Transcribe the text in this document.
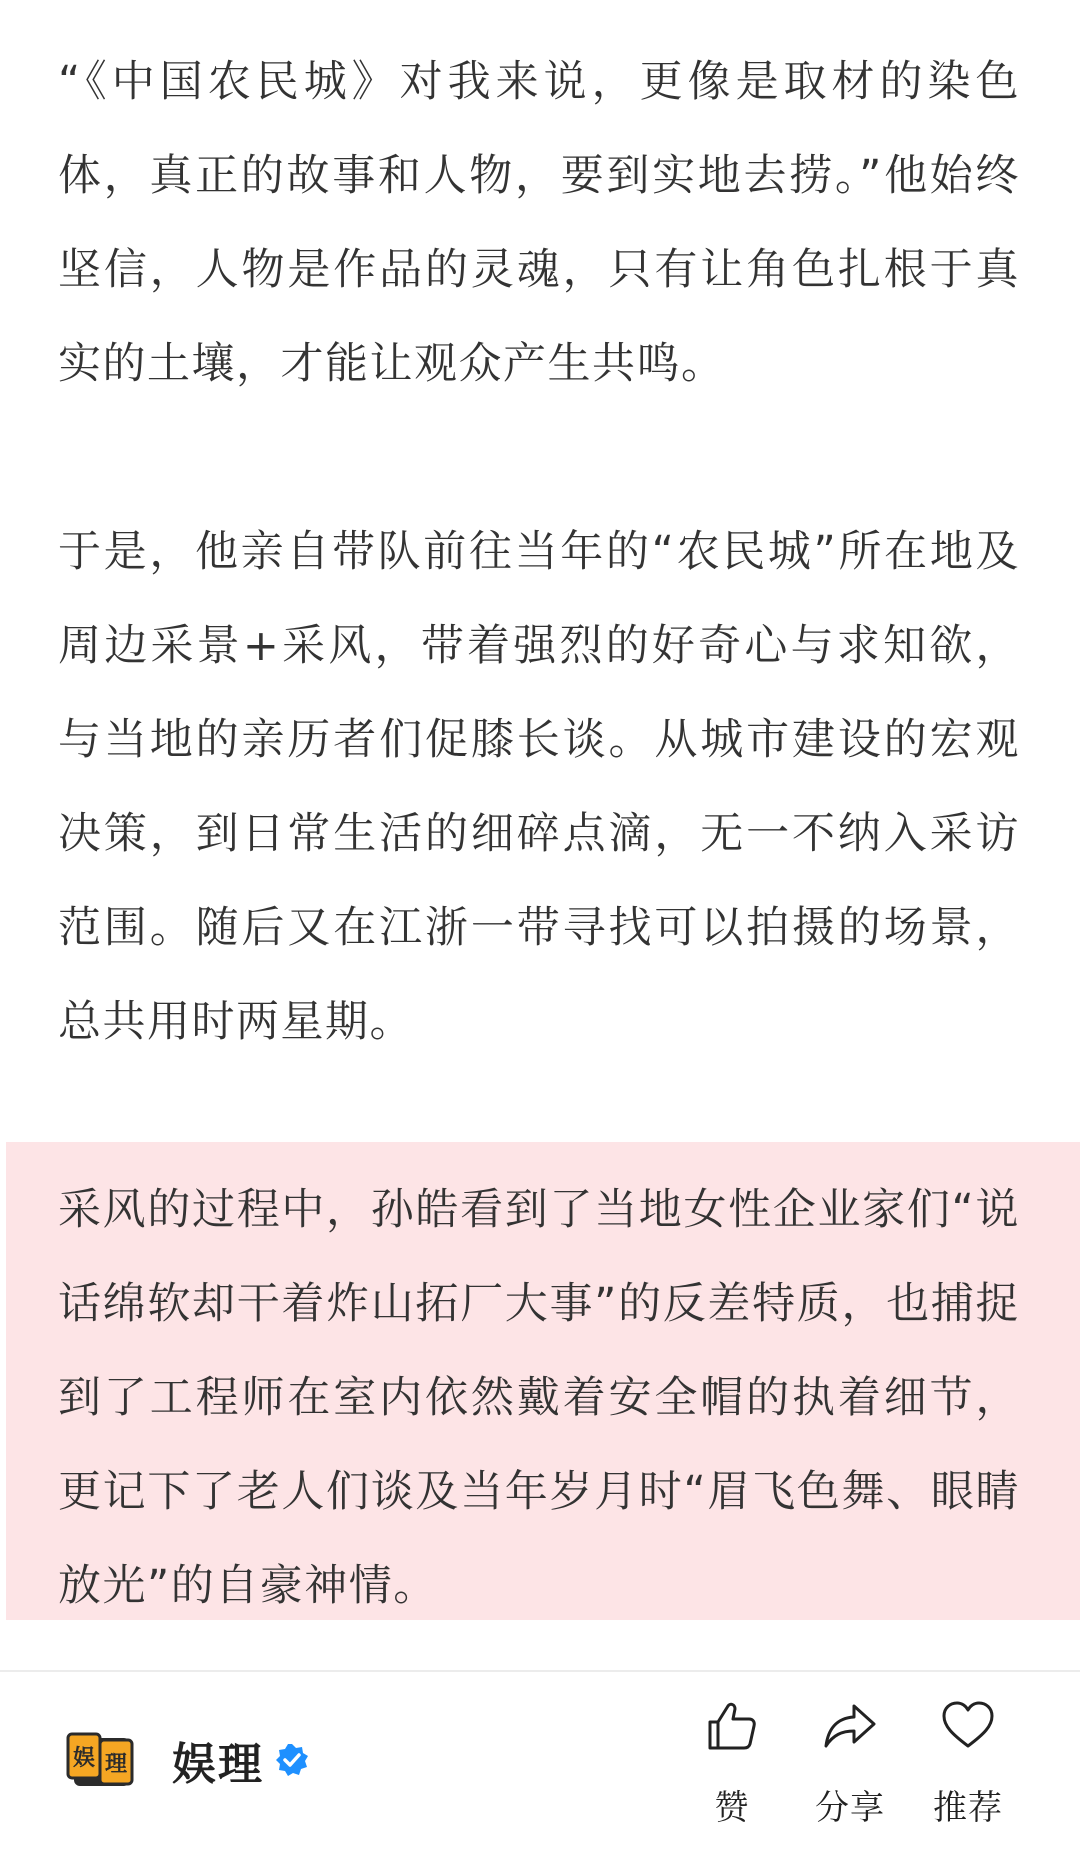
“《中国农民城》对我来说，更像是取材的染色体，真正的故事和人物，要到实地去捞。”他始终坚信，人物是作品的灵魂，只有让角色扎根于真实的土壤，才能让观众产生共鸣。

于是，他亲自带队前往当年的“农民城”所在地及周边采景+采风，带着强烈的好奇心与求知欲，与当地的亲历者们促膝长谈。从城市建设的宏观决策，到日常生活的细碎点滴，无一不纳入采访范围。随后又在江浙一带寻找可以拍摄的场景，总共用时两星期。

采风的过程中，孙皓看到了当地女性企业家们“说话绵软却干着炸山拓厂大事”的反差特质，也捕捉到了工程师在室内依然戴着安全帽的执着细节，更记下了老人们谈及当年岁月时“眉飞色舞、眼睛放光”的自豪神情。

娱 理 娱理
赞	分享	推荐
